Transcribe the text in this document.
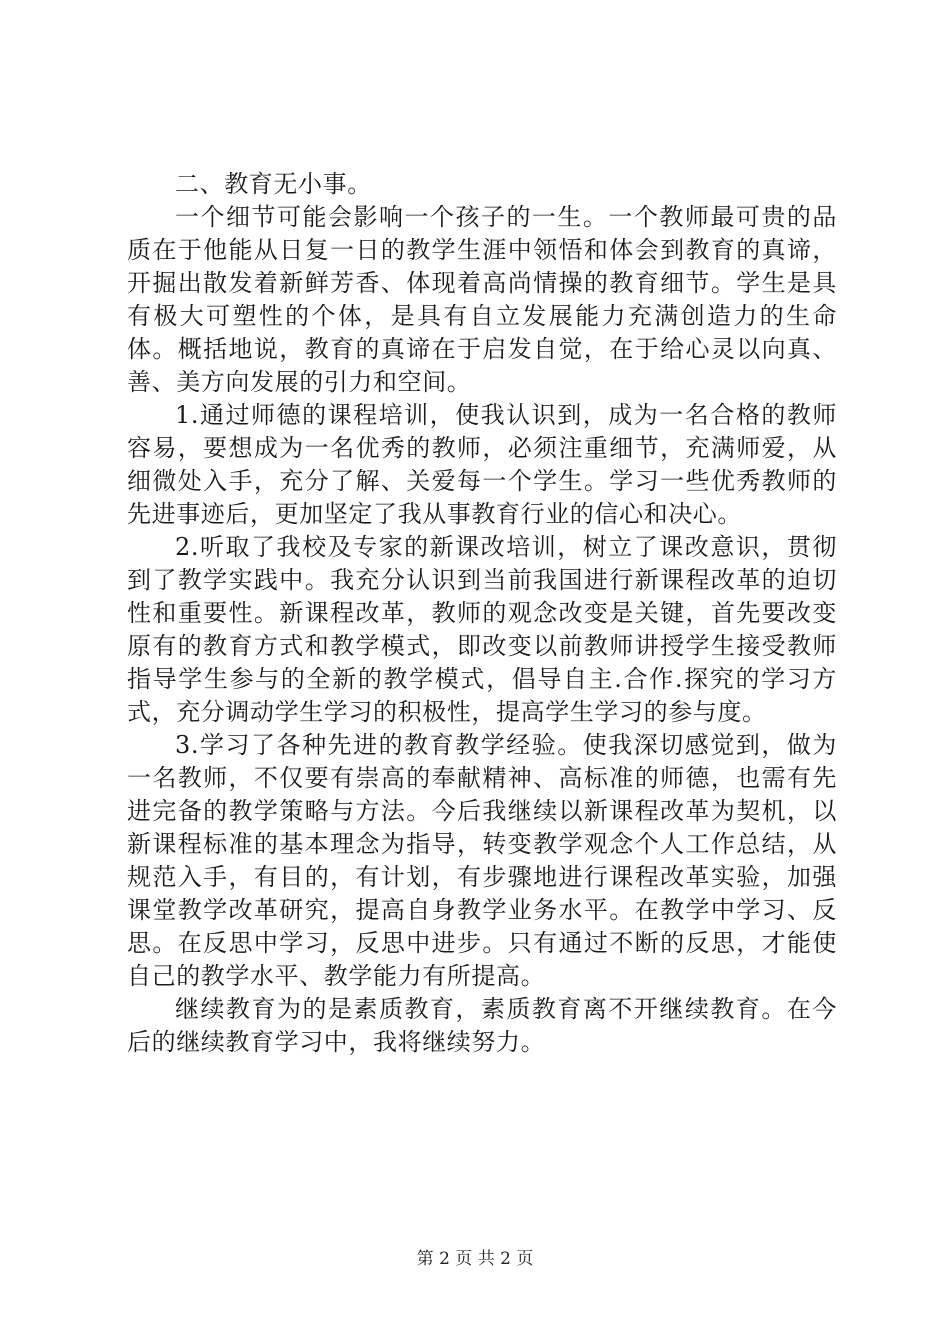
二、教育无小事。

一个细节可能会影响一个孩子的一生。一个教师最可贵的品质在于他能从日复一日的教学生涯中领悟和体会到教育的真谛，开掘出散发着新鲜芳香、体现着高尚情操的教育细节。学生是具有极大可塑性的个体，是具有自立发展能力充满创造力的生命体。概括地说，教育的真谛在于启发自觉，在于给心灵以向真、善、美方向发展的引力和空间。

1.通过师德的课程培训，使我认识到，成为一名合格的教师容易，要想成为一名优秀的教师，必须注重细节，充满师爱，从细微处入手，充分了解、关爱每一个学生。学习一些优秀教师的先进事迹后，更加坚定了我从事教育行业的信心和决心。

2.听取了我校及专家的新课改培训，树立了课改意识，贯彻到了教学实践中。我充分认识到当前我国进行新课程改革的迫切性和重要性。新课程改革，教师的观念改变是关键，首先要改变原有的教育方式和教学模式，即改变以前教师讲授学生接受教师指导学生参与的全新的教学模式，倡导自主.合作.探究的学习方式，充分调动学生学习的积极性，提高学生学习的参与度。

3.学习了各种先进的教育教学经验。使我深切感觉到，做为一名教师，不仅要有崇高的奉献精神、高标准的师德，也需有先进完备的教学策略与方法。今后我继续以新课程改革为契机，以新课程标准的基本理念为指导，转变教学观念个人工作总结，从规范入手，有目的，有计划，有步骤地进行课程改革实验，加强课堂教学改革研究，提高自身教学业务水平。在教学中学习、反思。在反思中学习，反思中进步。只有通过不断的反思，才能使自己的教学水平、教学能力有所提高。

继续教育为的是素质教育，素质教育离不开继续教育。在今后的继续教育学习中，我将继续努力。

第 2 页 共 2 页
